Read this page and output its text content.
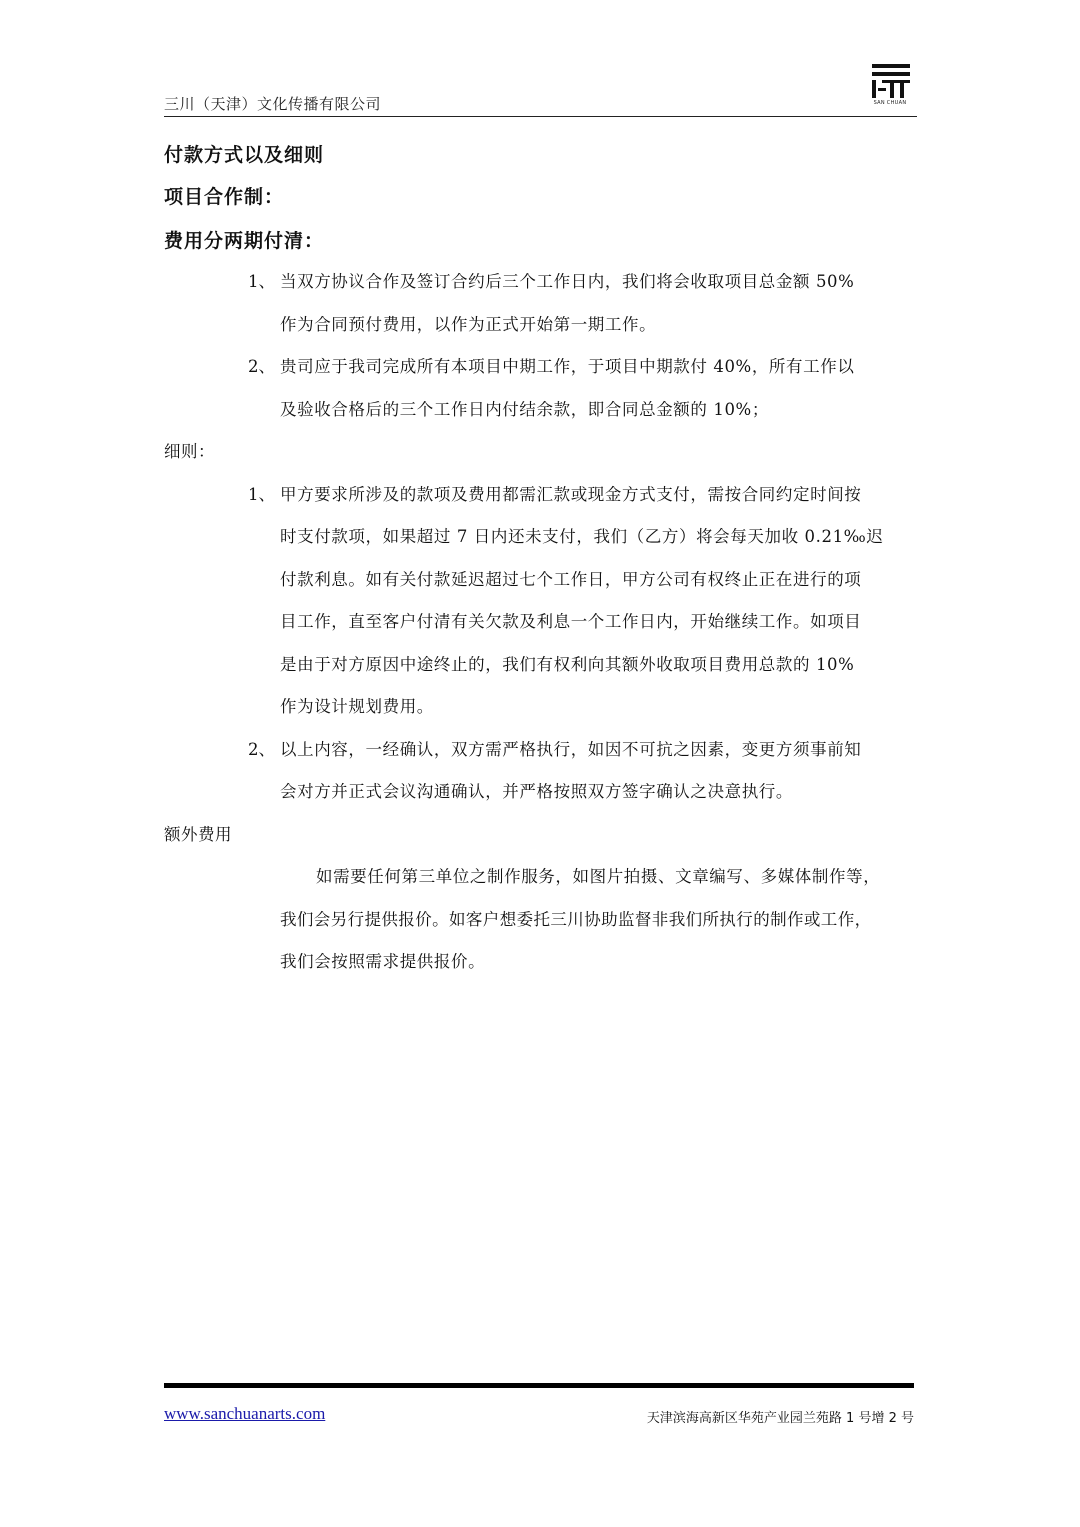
三川（天津）文化传播有限公司	SAN CHUAN
付款方式以及细则
项目合作制：
费用分两期付清：
1、 当双方协议合作及签订合约后三个工作日内，我们将会收取项目总金额 50%
作为合同预付费用，以作为正式开始第一期工作。
2、 贵司应于我司完成所有本项目中期工作，于项目中期款付 40%，所有工作以
及验收合格后的三个工作日内付结余款，即合同总金额的 10%；
细则：
1、 甲方要求所涉及的款项及费用都需汇款或现金方式支付，需按合同约定时间按
时支付款项，如果超过 7 日内还未支付，我们（乙方）将会每天加收 0.21‰迟
付款利息。如有关付款延迟超过七个工作日，甲方公司有权终止正在进行的项
目工作，直至客户付清有关欠款及利息一个工作日内，开始继续工作。如项目
是由于对方原因中途终止的，我们有权利向其额外收取项目费用总款的 10%
作为设计规划费用。
2、 以上内容，一经确认，双方需严格执行，如因不可抗之因素，变更方须事前知
会对方并正式会议沟通确认，并严格按照双方签字确认之决意执行。
额外费用
如需要任何第三单位之制作服务，如图片拍摄、文章编写、多媒体制作等，
我们会另行提供报价。如客户想委托三川协助监督非我们所执行的制作或工作，
我们会按照需求提供报价。
www.sanchuanarts.com	天津滨海高新区华苑产业园兰苑路 1 号增 2 号
